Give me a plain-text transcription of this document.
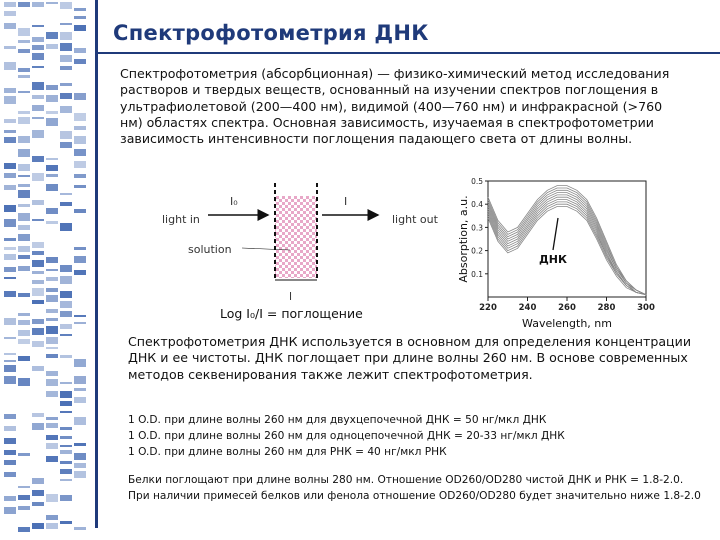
Спектрофотометрия ДНК
Спектрофотометрия (абсорбционная) — физико-химический метод исследования растворов и твердых веществ, основанный на изучении спектров поглощения в ультрафиолетовой (200—400 нм), видимой (400—760 нм) и инфракрасной (>760 нм) областях спектра. Основная зависимость, изучаемая в спектрофотометрии зависимость интенсивности поглощения падающего света от длины волны.
light in
I₀	I
light out
solution
l
Log I₀/I = поглощение	220	240	260	280	300
0.1
0.2
0.3
0.4
0.5
ДНК
Wavelength, nm
Absorption, a.u.
Спектрофотометрия ДНК используется в основном для определения концентрации ДНК и ее чистоты. ДНК поглощает при длине волны 260 нм. В основе современных методов секвенирования также лежит спектрофотометрия.
1 O.D. при длине волны 260 нм для двухцепочечной ДНК = 50 нг/мкл ДНК
1 O.D. при длине волны 260 нм для одноцепочечной ДНК = 20-33 нг/мкл ДНК
1 O.D. при длине волны 260 нм для РНК = 40 нг/мкл РНК
Белки поглощают при длине волны 280 нм. Отношение OD260/OD280 чистой ДНК и РНК = 1.8-2.0. При наличии примесей белков или фенола отношение OD260/OD280 будет значительно ниже 1.8-2.0
